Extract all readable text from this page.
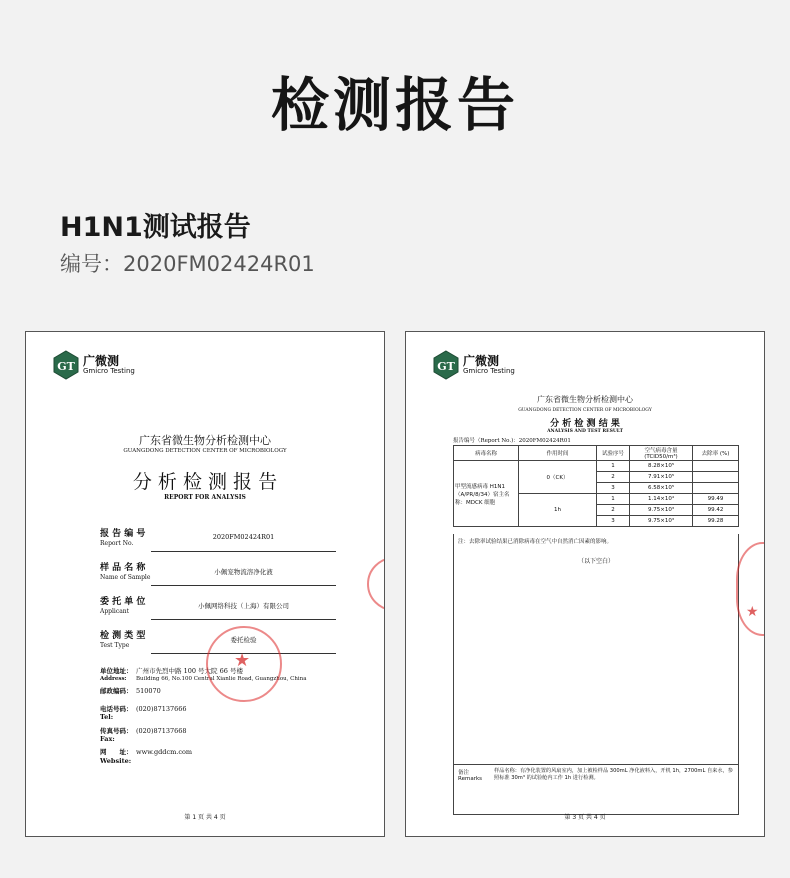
检测报告
H1N1测试报告
编号：2020FM02424R01
GT 广微测
Gmicro Testing
广东省微生物分析检测中心
GUANGDONG DETECTION CENTER OF MICROBIOLOGY
分 析 检 测 报 告
REPORT FOR ANALYSIS
报 告 编 号
Report No.
2020FM02424R01
样 品 名 称
Name of Sample
小佩宠物流溶净化液
委 托 单 位
Applicant
小佩网络科技（上海）有限公司
检 测 类 型
Test Type
委托检验
单位地址： 广州市先烈中路 100 号大院 66 号楼
Address: Building 66, No.100 Central Xianlie Road, Guangzhou, China
邮政编码： 510070
电话号码： (020)87137666
Tel:
传真号码： (020)87137668
Fax:
网　　址： www.gddcm.com
Website:
★
第 1 页 共 4 页
GT 广微测
Gmicro Testing
广东省微生物分析检测中心
GUANGDONG DETECTION CENTER OF MICROBIOLOGY
分 析 检 测 结 果
ANALYSIS AND TEST RESULT
报告编号（Report No.)：2020FM02424R01
病毒名称	作用时间	试验序号	空气病毒含量 (TCID50/m³)	去除率 (%)
甲型流感病毒 H1N1（A/PR/8/34）宿主名称：MDCK 细胞	0（CK）	1	8.28×10⁵	
		2	7.91×10⁵	
		3	6.58×10⁵	
	1h	1	1.14×10⁴	99.49
		2	9.75×10³	99.42
		3	9.75×10³	99.28
注：去除率试验结果已消除病毒在空气中自然消亡因素的影响。
（以下空白）
备注 Remarks
样品名称：有净化装置的风扇室内，加上被检样品 300mL 净化液料入，开机 1h，2700mL 自来水，参照标准 30m³ 的试验舱内工作 1h 进行检测。
★
第 3 页 共 4 页
